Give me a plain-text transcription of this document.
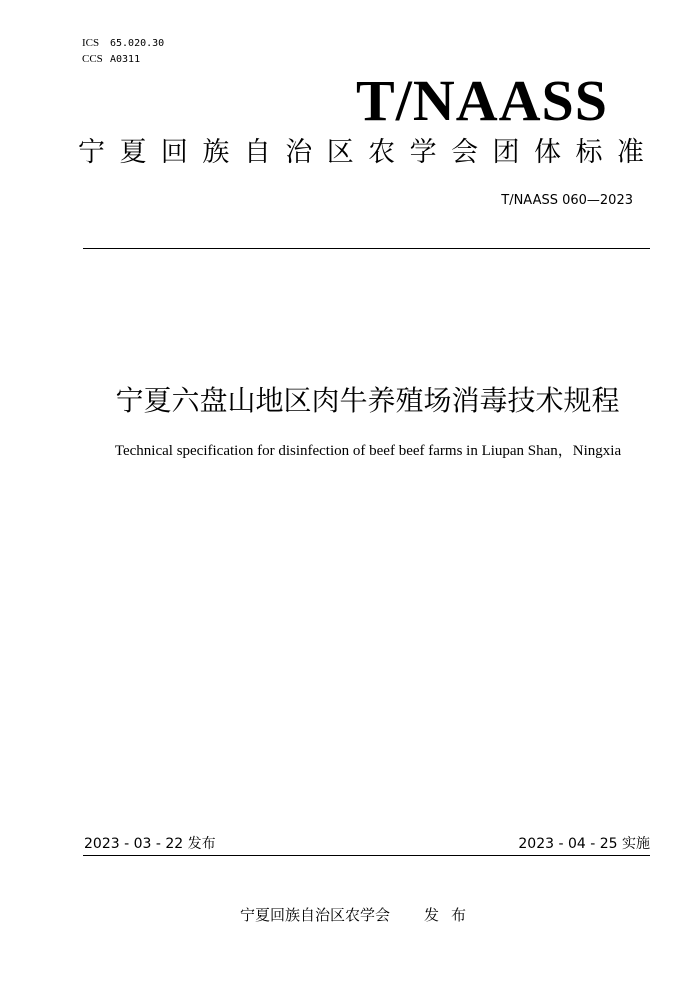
ICS 65.020.30
CCS A0311
T/NAASS
宁 夏 回 族 自 治 区 农 学 会 团 体 标 准
T/NAASS 060—2023
宁夏六盘山地区肉牛养殖场消毒技术规程
Technical specification for disinfection of beef beef farms in Liupan Shan，Ningxia
2023 - 03 - 22 发布	2023 - 04 - 25 实施
宁夏回族自治区农学会 发布
